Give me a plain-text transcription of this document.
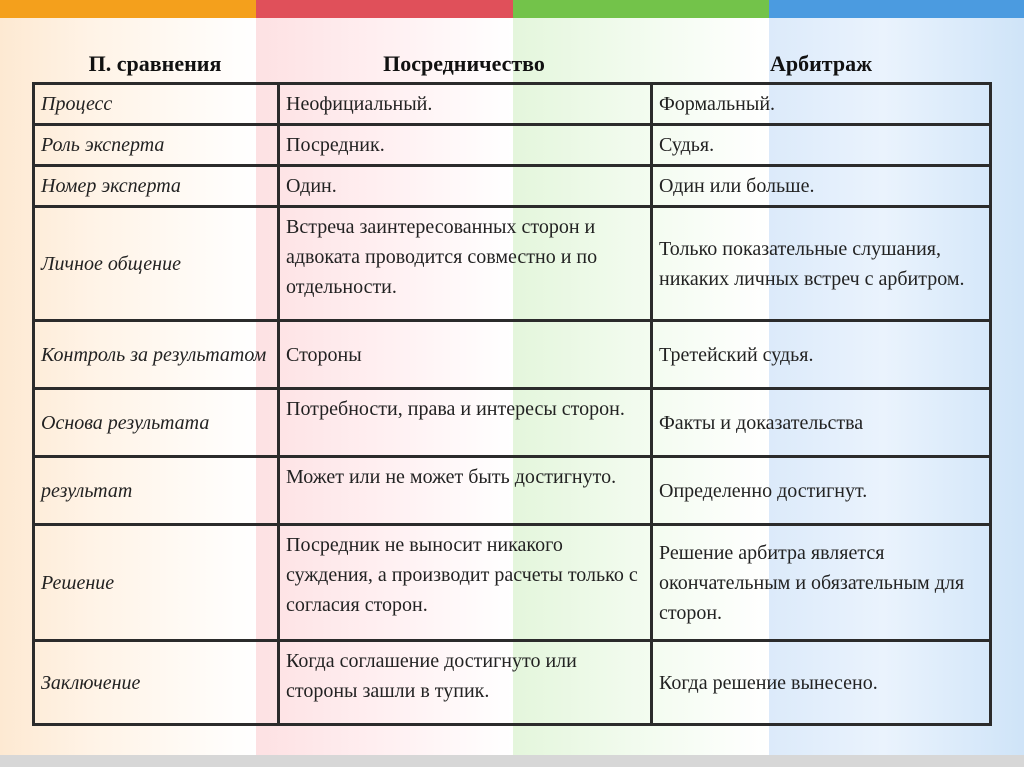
П. сравнения	Посредничество	Арбитраж
Процесс	Неофициальный.	Формальный.
Роль эксперта	Посредник.	Судья.
Номер эксперта	Один.	Один или больше.
Личное общение	Встреча заинтересованных сторон и адвоката проводится совместно и по отдельности.	Только показательные слушания, никаких личных встреч с арбитром.
Контроль за результатом	Стороны	Третейский судья.
Основа результата	Потребности, права и интересы сторон.	Факты и доказательства
результат	Может или не может быть достигнуто.	Определенно достигнут.
Решение	Посредник не выносит никакого суждения, а производит расчеты только с согласия сторон.	Решение арбитра является окончательным и обязательным для сторон.
Заключение	Когда соглашение достигнуто или стороны зашли в тупик.	Когда решение вынесено.
